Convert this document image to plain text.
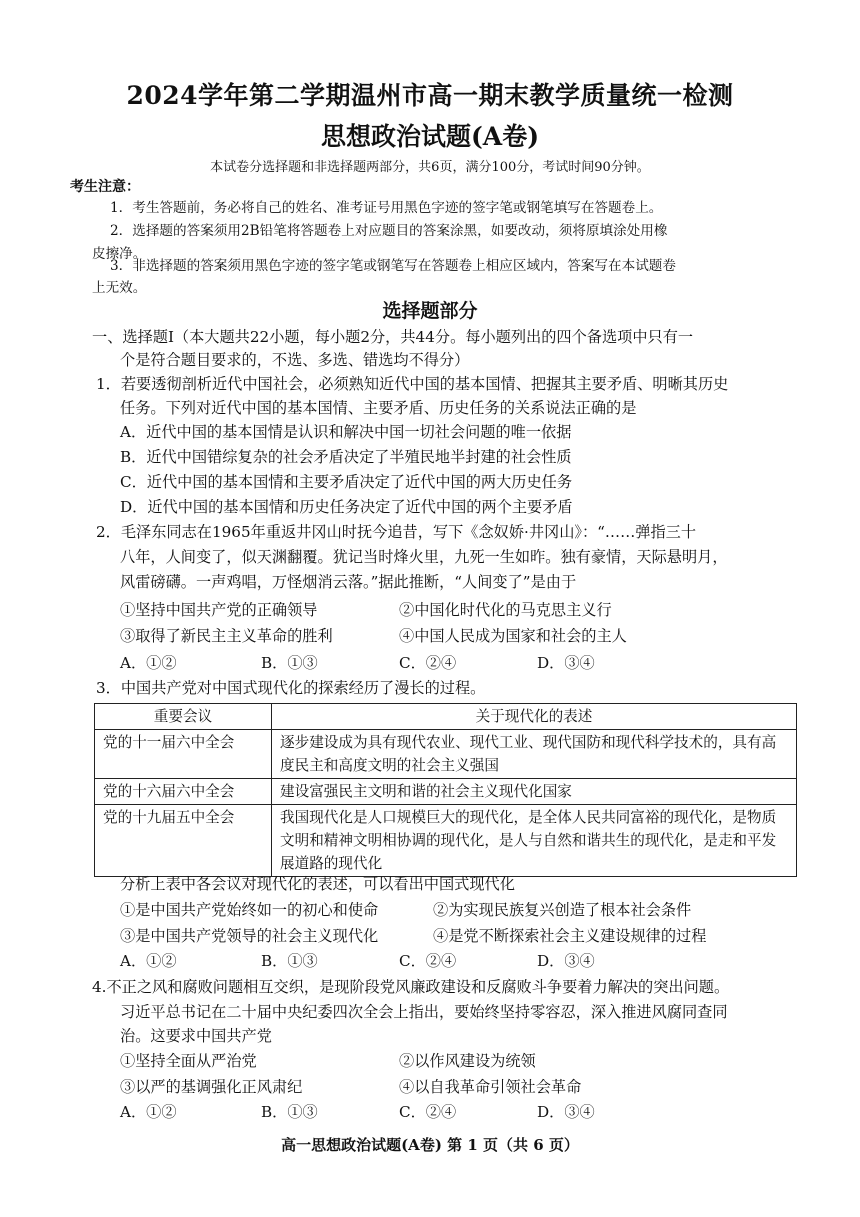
2024学年第二学期温州市高一期末教学质量统一检测
思想政治试题(A卷)
本试卷分选择题和非选择题两部分，共6页，满分100分，考试时间90分钟。
考生注意：
1．考生答题前，务必将自己的姓名、准考证号用黑色字迹的签字笔或钢笔填写在答题卷上。
2．选择题的答案须用2B铅笔将答题卷上对应题目的答案涂黑，如要改动，须将原填涂处用橡
皮擦净。
3．非选择题的答案须用黑色字迹的签字笔或钢笔写在答题卷上相应区域内，答案写在本试题卷
上无效。
选择题部分
一、选择题Ⅰ（本大题共22小题，每小题2分，共44分。每小题列出的四个备选项中只有一
个是符合题目要求的，不选、多选、错选均不得分）
1．若要透彻剖析近代中国社会，必须熟知近代中国的基本国情、把握其主要矛盾、明晰其历史
任务。下列对近代中国的基本国情、主要矛盾、历史任务的关系说法正确的是
A．近代中国的基本国情是认识和解决中国一切社会问题的唯一依据
B．近代中国错综复杂的社会矛盾决定了半殖民地半封建的社会性质
C．近代中国的基本国情和主要矛盾决定了近代中国的两大历史任务
D．近代中国的基本国情和历史任务决定了近代中国的两个主要矛盾
2．毛泽东同志在1965年重返井冈山时抚今追昔，写下《念奴娇·井冈山》：“……弹指三十
八年，人间变了，似天渊翻覆。犹记当时烽火里，九死一生如昨。独有豪情，天际悬明月，
风雷磅礴。一声鸡唱，万怪烟消云落。”据此推断，“人间变了”是由于
①坚持中国共产党的正确领导	②中国化时代化的马克思主义行
③取得了新民主主义革命的胜利	④中国人民成为国家和社会的主人
A．①②	B．①③	C．②④	D．③④
3．中国共产党对中国式现代化的探索经历了漫长的过程。
重要会议	关于现代化的表述
党的十一届六中全会	逐步建设成为具有现代农业、现代工业、现代国防和现代科学技术的，具有高度民主和高度文明的社会主义强国
党的十六届六中全会	建设富强民主文明和谐的社会主义现代化国家
党的十九届五中全会	我国现代化是人口规模巨大的现代化，是全体人民共同富裕的现代化，是物质文明和精神文明相协调的现代化，是人与自然和谐共生的现代化，是走和平发展道路的现代化
分析上表中各会议对现代化的表述，可以看出中国式现代化
①是中国共产党始终如一的初心和使命	②为实现民族复兴创造了根本社会条件
③是中国共产党领导的社会主义现代化	④是党不断探索社会主义建设规律的过程
A．①②	B．①③	C．②④	D．③④
4.不正之风和腐败问题相互交织，是现阶段党风廉政建设和反腐败斗争要着力解决的突出问题。
习近平总书记在二十届中央纪委四次全会上指出，要始终坚持零容忍，深入推进风腐同查同
治。这要求中国共产党
①坚持全面从严治党	②以作风建设为统领
③以严的基调强化正风肃纪	④以自我革命引领社会革命
A．①②	B．①③	C．②④	D．③④
高一思想政治试题(A卷) 第 1 页（共 6 页）
